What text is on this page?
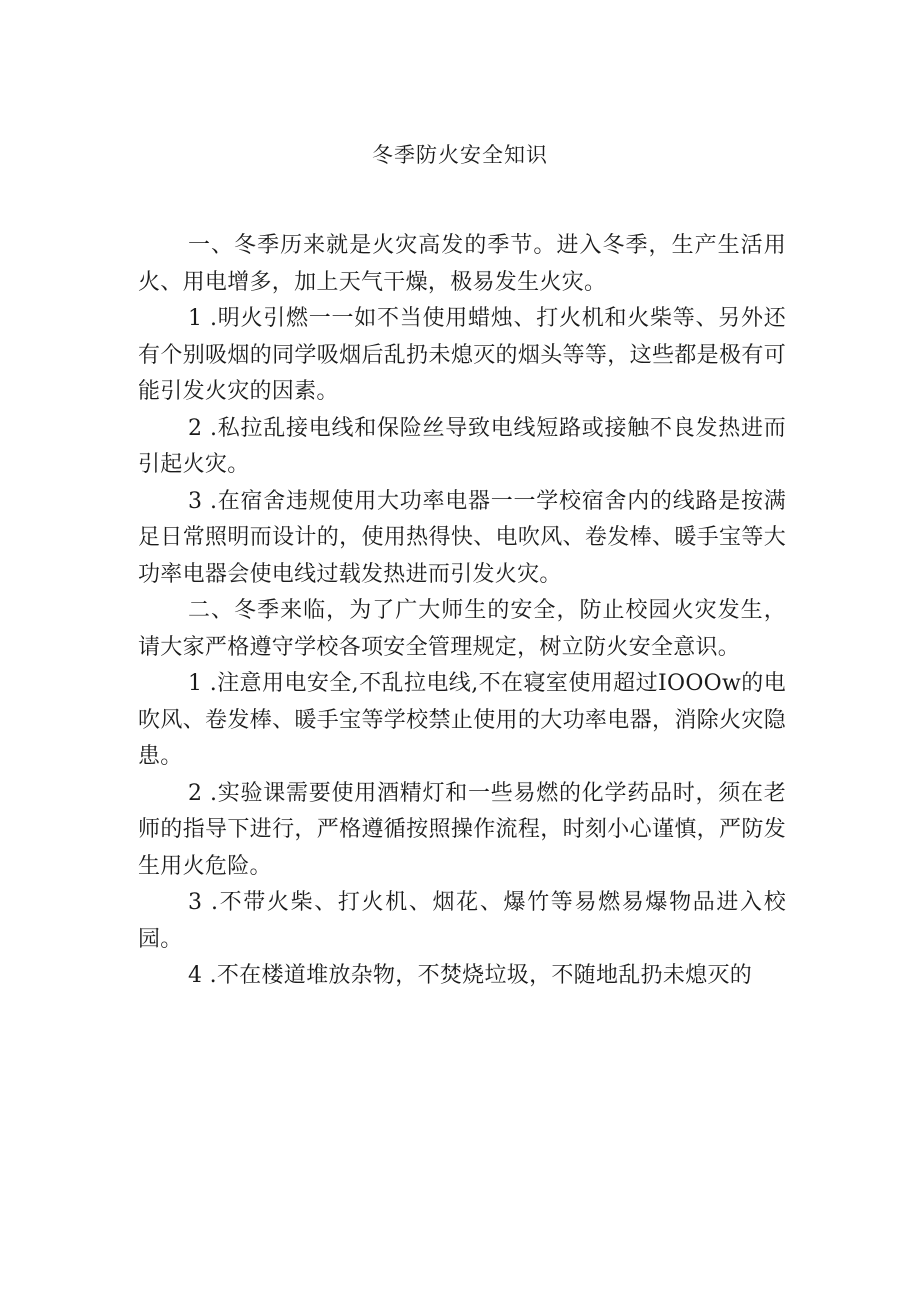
冬季防火安全知识

一、冬季历来就是火灾高发的季节。进入冬季，生产生活用火、用电增多，加上天气干燥，极易发生火灾。

1 .明火引燃一一如不当使用蜡烛、打火机和火柴等、另外还有个别吸烟的同学吸烟后乱扔未熄灭的烟头等等，这些都是极有可能引发火灾的因素。

2 .私拉乱接电线和保险丝导致电线短路或接触不良发热进而引起火灾。

3 .在宿舍违规使用大功率电器一一学校宿舍内的线路是按满足日常照明而设计的，使用热得快、电吹风、卷发棒、暖手宝等大功率电器会使电线过载发热进而引发火灾。

二、冬季来临，为了广大师生的安全，防止校园火灾发生，请大家严格遵守学校各项安全管理规定，树立防火安全意识。

1 .注意用电安全,不乱拉电线,不在寝室使用超过IOOOw的电吹风、卷发棒、暖手宝等学校禁止使用的大功率电器，消除火灾隐患。

2 .实验课需要使用酒精灯和一些易燃的化学药品时，须在老师的指导下进行，严格遵循按照操作流程，时刻小心谨慎，严防发生用火危险。

3 .不带火柴、打火机、烟花、爆竹等易燃易爆物品进入校园。

4 .不在楼道堆放杂物，不焚烧垃圾，不随地乱扔未熄灭的
